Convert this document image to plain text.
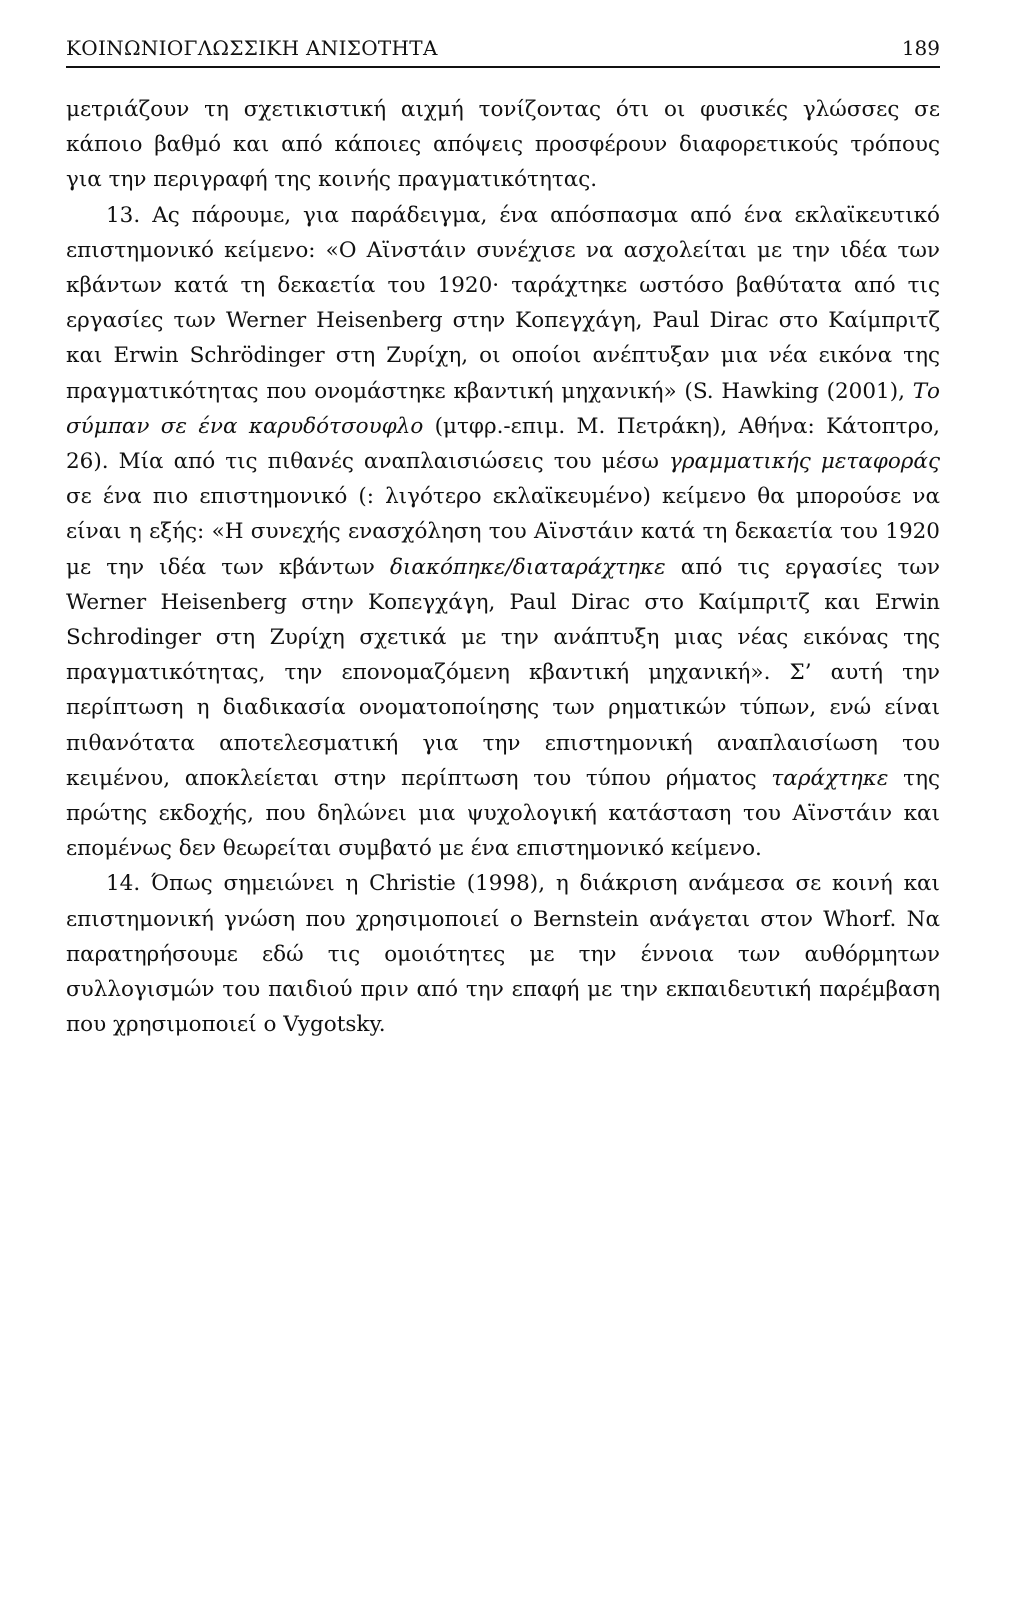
ΚΟΙΝΩΝΙΟΓΛΩΣΣΙΚΗ ΑΝΙΣΟΤΗΤΑ	189

μετριάζουν τη σχετικιστική αιχμή τονίζοντας ότι οι φυσικές γλώσσες σε κάποιο βαθμό και από κάποιες απόψεις προσφέρουν διαφορετικούς τρόπους για την περιγραφή της κοινής πραγματικότητας.

13. Ας πάρουμε, για παράδειγμα, ένα απόσπασμα από ένα εκλαϊκευτικό επιστημονικό κείμενο: «Ο Αϊνστάιν συνέχισε να ασχολείται με την ιδέα των κβάντων κατά τη δεκαετία του 1920· ταράχτηκε ωστόσο βαθύτατα από τις εργασίες των Werner Heisenberg στην Κοπεγχάγη, Paul Dirac στο Καίμπριτζ και Erwin Schrödinger στη Ζυρίχη, οι οποίοι ανέπτυξαν μια νέα εικόνα της πραγματικότητας που ονομάστηκε κβαντική μηχανική» (S. Hawking (2001), Το σύμπαν σε ένα καρυδότσουφλο (μτφρ.-επιμ. Μ. Πετράκη), Αθήνα: Κάτοπτρο, 26). Μία από τις πιθανές αναπλαισιώσεις του μέσω γραμματικής μεταφοράς σε ένα πιο επιστημονικό (: λιγότερο εκλαϊκευμένο) κείμενο θα μπορούσε να είναι η εξής: «Η συνεχής ενασχόληση του Αϊνστάιν κατά τη δεκαετία του 1920 με την ιδέα των κβάντων διακόπηκε/διαταράχτηκε από τις εργασίες των Werner Heisenberg στην Κοπεγχάγη, Paul Dirac στο Καίμπριτζ και Erwin Schrodinger στη Ζυρίχη σχετικά με την ανάπτυξη μιας νέας εικόνας της πραγματικότητας, την επονομαζόμενη κβαντική μηχανική». Σ’ αυτή την περίπτωση η διαδικασία ονοματοποίησης των ρηματικών τύπων, ενώ είναι πιθανότατα αποτελεσματική για την επιστημονική αναπλαισίωση του κειμένου, αποκλείεται στην περίπτωση του τύπου ρήματος ταράχτηκε της πρώτης εκδοχής, που δηλώνει μια ψυχολογική κατάσταση του Αϊνστάιν και επομένως δεν θεωρείται συμβατό με ένα επιστημονικό κείμενο.

14. Όπως σημειώνει η Christie (1998), η διάκριση ανάμεσα σε κοινή και επιστημονική γνώση που χρησιμοποιεί ο Bernstein ανάγεται στον Whorf. Να παρατηρήσουμε εδώ τις ομοιότητες με την έννοια των αυθόρμητων συλλογισμών του παιδιού πριν από την επαφή με την εκπαιδευτική παρέμβαση που χρησιμοποιεί ο Vygotsky.
